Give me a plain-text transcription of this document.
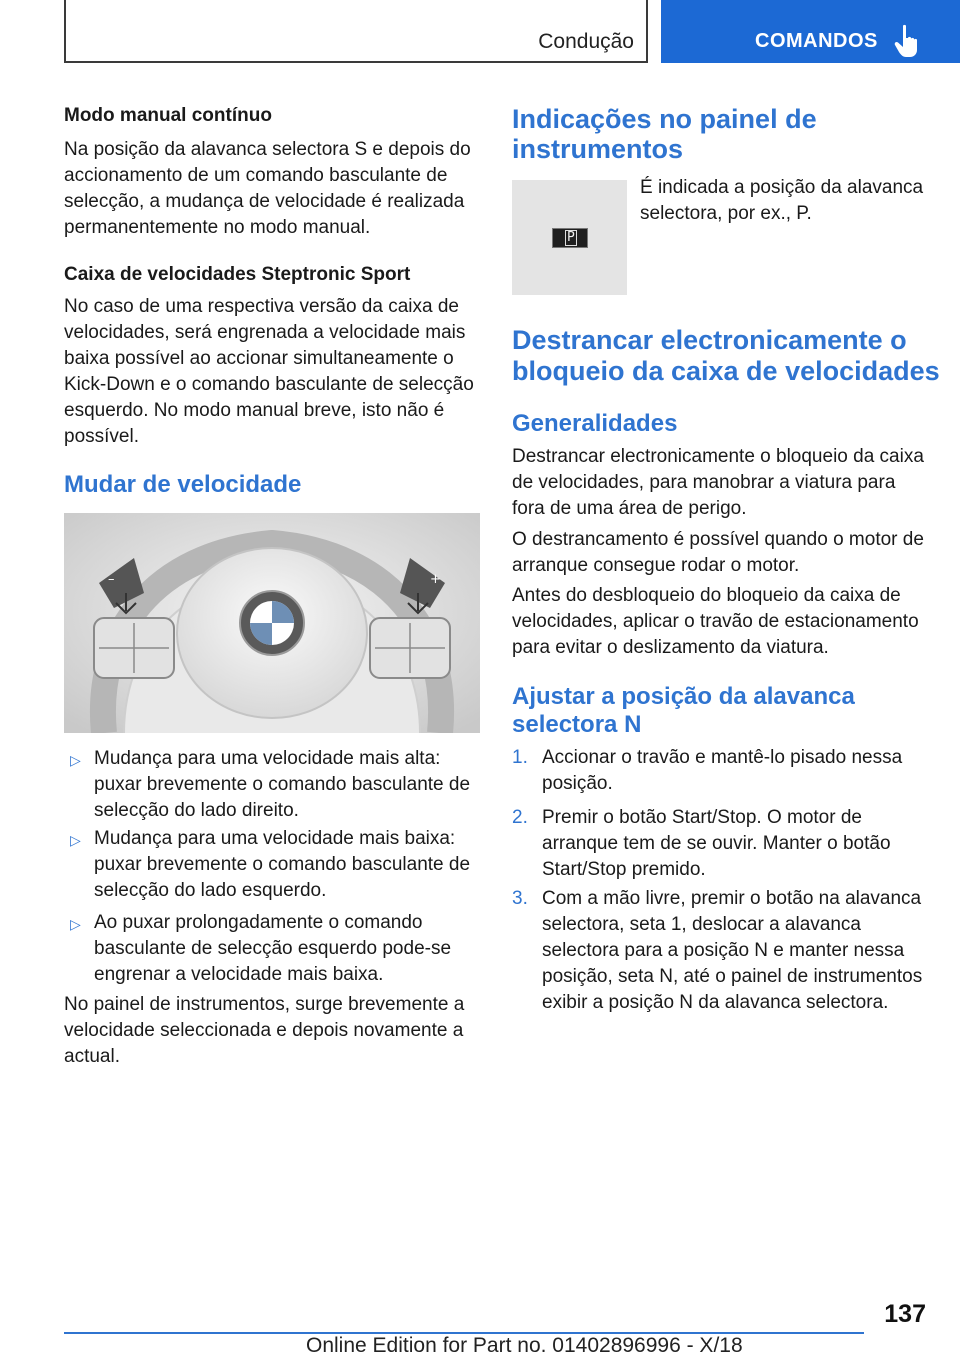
Condução	COMANDOS

Modo manual contínuo

Na posição da alavanca selectora S e depois do accionamento de um comando basculante de selecção, a mudança de velocidade é realizada permanentemente no modo manual.

Caixa de velocidades Steptronic Sport

No caso de uma respectiva versão da caixa de velocidades, será engrenada a velocidade mais baixa possível ao accionar simultaneamente o Kick-Down e o comando basculante de selecção esquerdo. No modo manual breve, isto não é possível.

Mudar de velocidade

–	+
▷ Mudança para uma velocidade mais alta: puxar brevemente o comando basculante de selecção do lado direito.
▷ Mudança para uma velocidade mais baixa: puxar brevemente o comando basculante de selecção do lado esquerdo.
▷ Ao puxar prolongadamente o comando basculante de selecção esquerdo pode-se engrenar a velocidade mais baixa.

No painel de instrumentos, surge brevemente a velocidade seleccionada e depois novamente a actual.

Indicações no painel de instrumentos

P

É indicada a posição da alavanca selectora, por ex., P.

Destrancar electronicamente o bloqueio da caixa de velocidades

Generalidades

Destrancar electronicamente o bloqueio da caixa de velocidades, para manobrar a viatura para fora de uma área de perigo.

O destrancamento é possível quando o motor de arranque consegue rodar o motor.

Antes do desbloqueio do bloqueio da caixa de velocidades, aplicar o travão de estacionamento para evitar o deslizamento da viatura.

Ajustar a posição da alavanca selectora N

1. Accionar o travão e mantê-lo pisado nessa posição.
2. Premir o botão Start/Stop. O motor de arranque tem de se ouvir. Manter o botão Start/Stop premido.
3. Com a mão livre, premir o botão na alavanca selectora, seta 1, deslocar a alavanca selectora para a posição N e manter nessa posição, seta N, até o painel de instrumentos exibir a posição N da alavanca selectora.
137
Online Edition for Part no. 01402896996 - X/18
